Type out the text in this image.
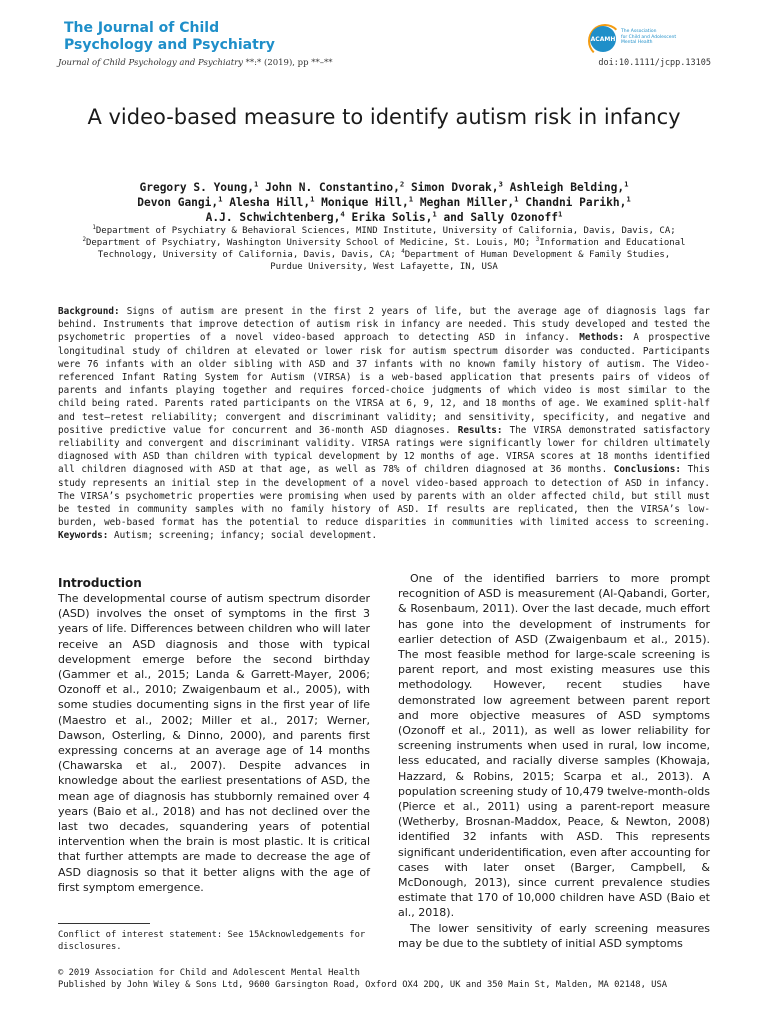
The Journal of Child
Psychology and Psychiatry	ACAMH
The Association
for Child and Adolescent
Mental Health
Journal of Child Psychology and Psychiatry **:* (2019), pp **–**	doi:10.1111/jcpp.13105
A video-based measure to identify autism risk in infancy
Gregory S. Young,$^1$ John N. Constantino,$^2$ Simon Dvorak,$^3$ Ashleigh Belding,$^1$
Devon Gangi,$^1$ Alesha Hill,$^1$ Monique Hill,$^1$ Meghan Miller,$^1$ Chandni Parikh,$^1$
A.J. Schwichtenberg,$^4$ Erika Solis,$^1$ and Sally Ozonoff$^1$
$^1$Department of Psychiatry & Behavioral Sciences, MIND Institute, University of California, Davis, Davis, CA;
$^2$Department of Psychiatry, Washington University School of Medicine, St. Louis, MO; $^3$Information and Educational
Technology, University of California, Davis, Davis, CA; $^4$Department of Human Development & Family Studies,
Purdue University, West Lafayette, IN, USA
Background: Signs of autism are present in the first 2 years of life, but the average age of diagnosis lags far behind. Instruments that improve detection of autism risk in infancy are needed. This study developed and tested the psychometric properties of a novel video-based approach to detecting ASD in infancy. Methods: A prospective longitudinal study of children at elevated or lower risk for autism spectrum disorder was conducted. Participants were 76 infants with an older sibling with ASD and 37 infants with no known family history of autism. The Video-referenced Infant Rating System for Autism (VIRSA) is a web-based application that presents pairs of videos of parents and infants playing together and requires forced-choice judgments of which video is most similar to the child being rated. Parents rated participants on the VIRSA at 6, 9, 12, and 18 months of age. We examined split-half and test–retest reliability; convergent and discriminant validity; and sensitivity, specificity, and negative and positive predictive value for concurrent and 36-month ASD diagnoses. Results: The VIRSA demonstrated satisfactory reliability and convergent and discriminant validity. VIRSA ratings were significantly lower for children ultimately diagnosed with ASD than children with typical development by 12 months of age. VIRSA scores at 18 months identified all children diagnosed with ASD at that age, as well as 78% of children diagnosed at 36 months. Conclusions: This study represents an initial step in the development of a novel video-based approach to detection of ASD in infancy. The VIRSA’s psychometric properties were promising when used by parents with an older affected child, but still must be tested in community samples with no family history of ASD. If results are replicated, then the VIRSA’s low-burden, web-based format has the potential to reduce disparities in communities with limited access to screening. Keywords: Autism; screening; infancy; social development.
Introduction

The developmental course of autism spectrum disorder (ASD) involves the onset of symptoms in the first 3 years of life. Differences between children who will later receive an ASD diagnosis and those with typical development emerge before the second birthday (Gammer et al., 2015; Landa & Garrett-Mayer, 2006; Ozonoff et al., 2010; Zwaigenbaum et al., 2005), with some studies documenting signs in the first year of life (Maestro et al., 2002; Miller et al., 2017; Werner, Dawson, Osterling, & Dinno, 2000), and parents first expressing concerns at an average age of 14 months (Chawarska et al., 2007). Despite advances in knowledge about the earliest presentations of ASD, the mean age of diagnosis has stubbornly remained over 4 years (Baio et al., 2018) and has not declined over the last two decades, squandering years of potential intervention when the brain is most plastic. It is critical that further attempts are made to decrease the age of ASD diagnosis so that it better aligns with the age of first symptom emergence.

One of the identified barriers to more prompt recognition of ASD is measurement (Al-Qabandi, Gorter, & Rosenbaum, 2011). Over the last decade, much effort has gone into the development of instruments for earlier detection of ASD (Zwaigenbaum et al., 2015). The most feasible method for large-scale screening is parent report, and most existing measures use this methodology. However, recent studies have demonstrated low agreement between parent report and more objective measures of ASD symptoms (Ozonoff et al., 2011), as well as lower reliability for screening instruments when used in rural, low income, less educated, and racially diverse samples (Khowaja, Hazzard, & Robins, 2015; Scarpa et al., 2013). A population screening study of 10,479 twelve-month-olds (Pierce et al., 2011) using a parent-report measure (Wetherby, Brosnan-Maddox, Peace, & Newton, 2008) identified 32 infants with ASD. This represents significant underidentification, even after accounting for cases with later onset (Barger, Campbell, & McDonough, 2013), since current prevalence studies estimate that 170 of 10,000 children have ASD (Baio et al., 2018).

The lower sensitivity of early screening measures may be due to the subtlety of initial ASD symptoms

Conflict of interest statement: See 15Acknowledgements for disclosures.
© 2019 Association for Child and Adolescent Mental Health
Published by John Wiley & Sons Ltd, 9600 Garsington Road, Oxford OX4 2DQ, UK and 350 Main St, Malden, MA 02148, USA
